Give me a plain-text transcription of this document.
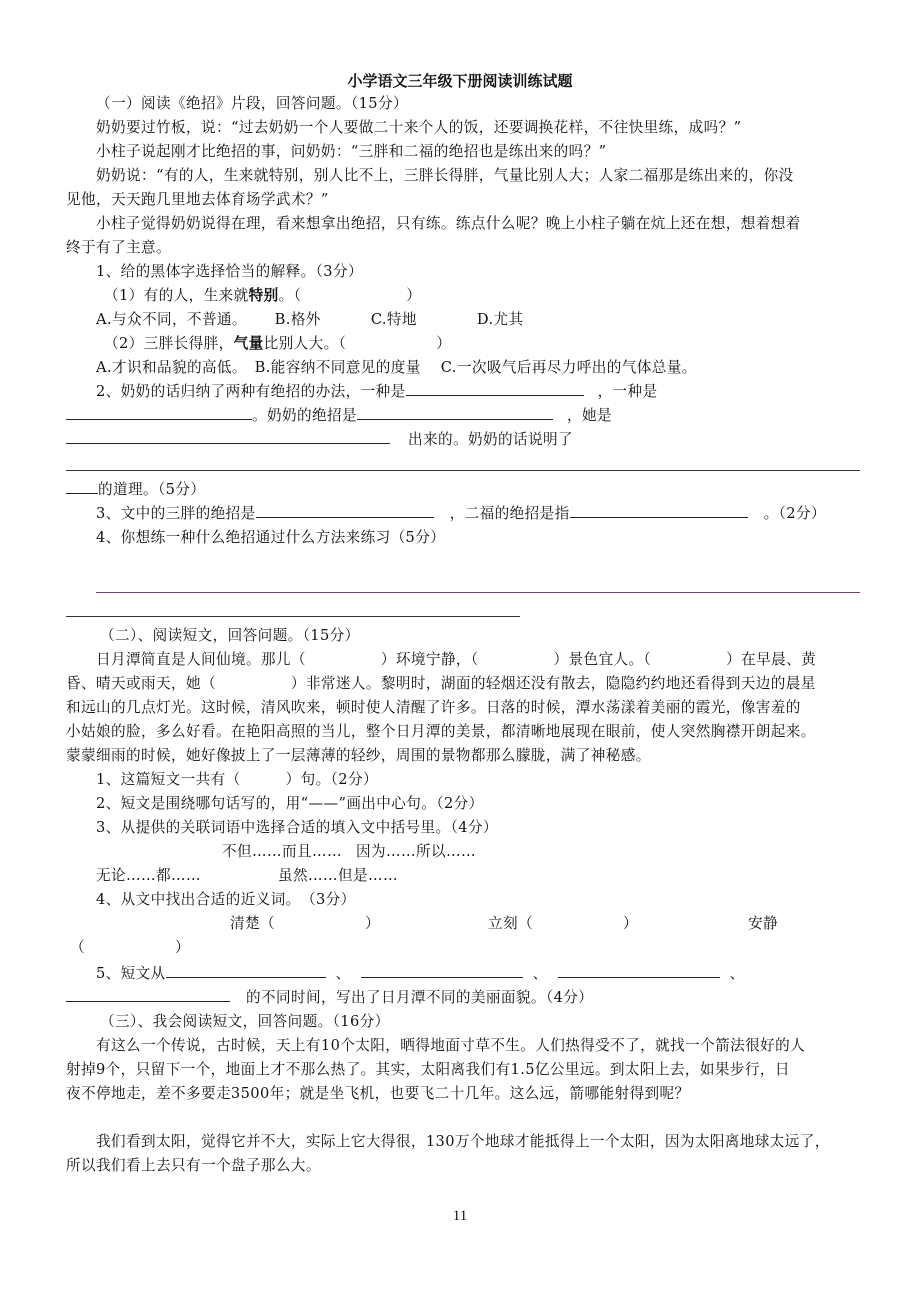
小学语文三年级下册阅读训练试题
（一）阅读《绝招》片段，回答问题。（15分）
奶奶要过竹板，说：“过去奶奶一个人要做二十来个人的饭，还要调换花样，不往快里练，成吗？”
小柱子说起刚才比绝招的事，问奶奶：“三胖和二福的绝招也是练出来的吗？”
奶奶说：“有的人，生来就特别，别人比不上，三胖长得胖，气量比别人大；人家二福那是练出来的，你没
见他，天天跑几里地去体育场学武术？”
小柱子觉得奶奶说得在理，看来想拿出绝招，只有练。练点什么呢？晚上小柱子躺在炕上还在想，想着想着
终于有了主意。
1、给的黑体字选择恰当的解释。（3分）
（1）有的人，生来就特别。（　　　　　　　）
A.与众不同，不普通。　　 B.格外　　　 C.特地　　　　D.尤其
（2）三胖长得胖，气量比别人大。（　　　　　　）
A.才识和品貌的高低。　B.能容纳不同意见的度量　 C.一次吸气后再尽力呼出的气体总量。
2、奶奶的话归纳了两种有绝招的办法，一种是	，一种是
。奶奶的绝招是	，她是
出来的。奶奶的话说明了
的道理。（5分）
3、文中的三胖的绝招是	，二福的绝招是指	。（2分）
4、你想练一种什么绝招通过什么方法来练习（5分）
（二）、阅读短文，回答问题。（15分）
日月潭简直是人间仙境。那儿（　　　　　）环境宁静，（　　　　　）景色宜人。（　　　　　）在早晨、黄
昏、晴天或雨天，她（　　　　　）非常迷人。黎明时，湖面的轻烟还没有散去，隐隐约约地还看得到天边的晨星
和远山的几点灯光。这时候，清风吹来，顿时使人清醒了许多。日落的时候，潭水荡漾着美丽的霞光，像害羞的
小姑娘的脸，多么好看。在艳阳高照的当儿，整个日月潭的美景，都清晰地展现在眼前，使人突然胸襟开朗起来。
蒙蒙细雨的时候，她好像披上了一层薄薄的轻纱，周围的景物都那么朦胧，满了神秘感。
1、这篇短文一共有（　　　）句。（2分）
2、短文是围绕哪句话写的，用“——”画出中心句。（2分）
3、从提供的关联词语中选择合适的填入文中括号里。（4分）
不但……而且…… 因为……所以……
无论……都……	虽然……但是……
4、从文中找出合适的近义词。　（3分）
清楚（　　　　　　）	立刻（　　　　　　）	安静
（　　　　　　）
5、短文从	、	、	、
的不同时间，写出了日月潭不同的美丽面貌。（4分）
（三）、我会阅读短文，回答问题。（16分）
有这么一个传说，古时候，天上有10个太阳，晒得地面寸草不生。人们热得受不了，就找一个箭法很好的人
射掉9个，只留下一个，地面上才不那么热了。其实，太阳离我们有1.5亿公里远。到太阳上去，如果步行，日
夜不停地走，差不多要走3500年；就是坐飞机，也要飞二十几年。这么远，箭哪能射得到呢？
我们看到太阳，觉得它并不大，实际上它大得很，130万个地球才能抵得上一个太阳，因为太阳离地球太远了，
所以我们看上去只有一个盘子那么大。
11
